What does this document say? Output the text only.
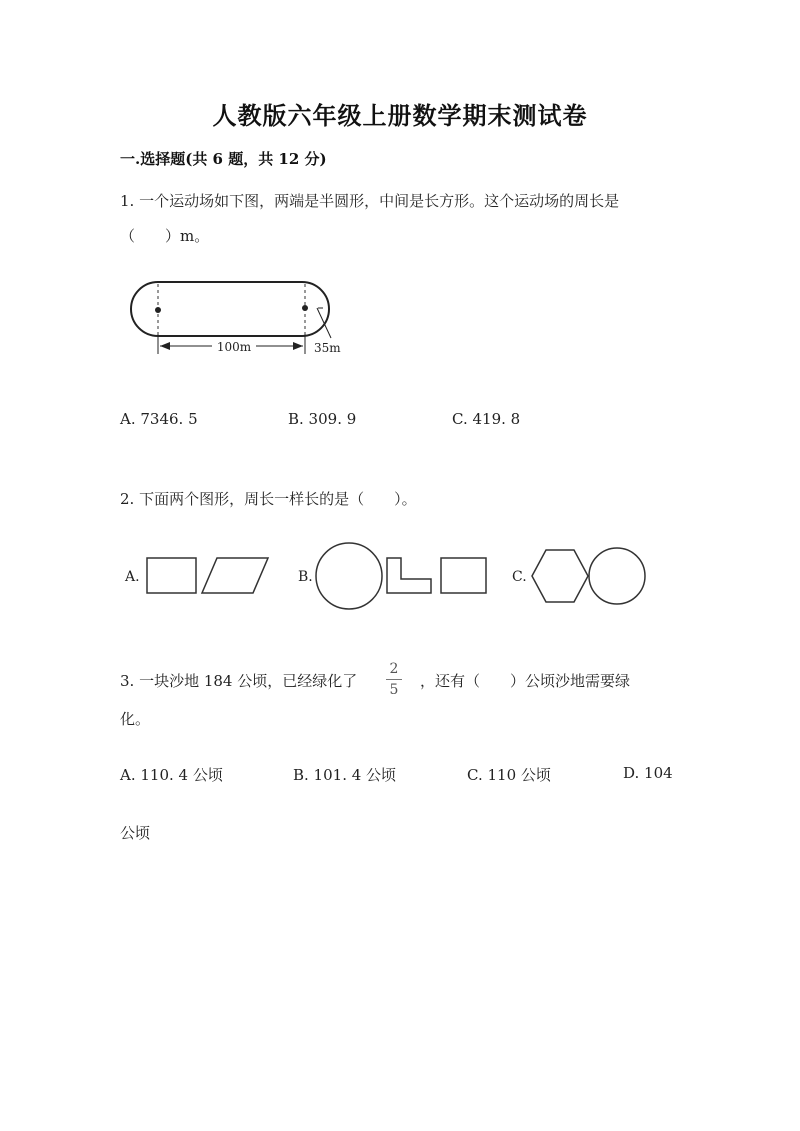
人教版六年级上册数学期末测试卷
一.选择题(共 6 题，共 12 分)
1. 一个运动场如下图，两端是半圆形，中间是长方形。这个运动场的周长是
（　　）m。
100m	35m
A. 7346. 5	B. 309. 9	C. 419. 8
2. 下面两个图形，周长一样长的是（　　）。
A.	B.	C.
3. 一块沙地 184 公顷，已经绿化了
2
5	，还有（　　）公顷沙地需要绿
化。
A. 110. 4 公顷	B. 101. 4 公顷	C. 110 公顷	D. 104
公顷
